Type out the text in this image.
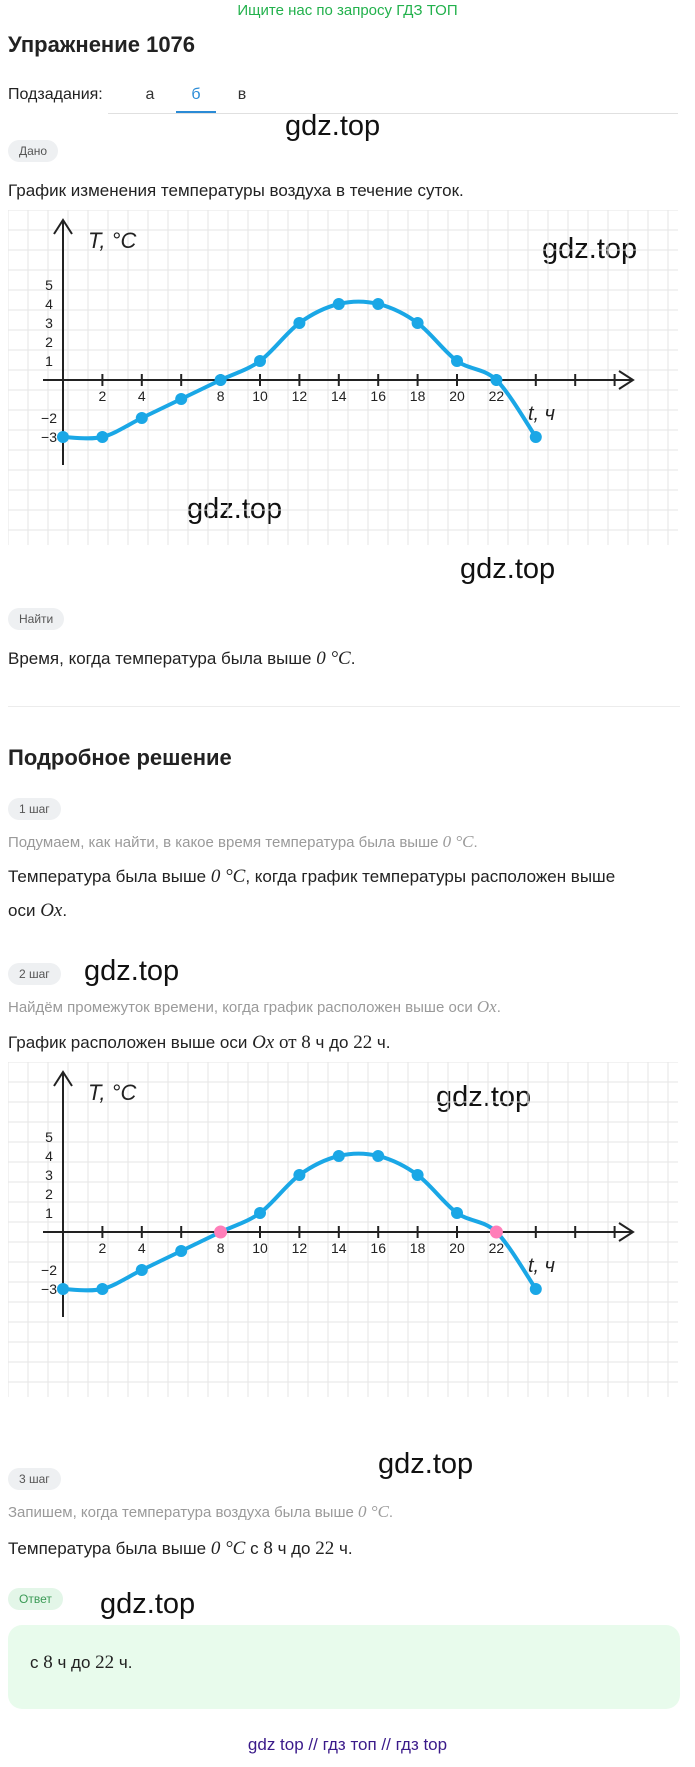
Ищите нас по запросу ГДЗ ТОП
Упражнение 1076
Подзадания:	а	б	в
gdz.top
gdz.top
gdz.top
gdz.top
gdz.top
gdz.top
gdz.top
gdz.top
Дано
График изменения температуры воздуха в течение суток.
2 4	8 10 12 14 16 18 20 22
5
4
3
2
1
−2
−3
T, °C
t, ч
Найти
Время, когда температура была выше 0 °C.
Подробное решение
1 шаг
Подумаем, как найти, в какое время температура была выше 0 °C.
Температура была выше 0 °C, когда график температуры расположен выше
оси Ox.
2 шаг
Найдём промежуток времени, когда график расположен выше оси Ox.
График расположен выше оси Ox от 8 ч до 22 ч.
2 4	8 10 12 14 16 18 20 22
5
4
3
2
1
−2
−3
T, °C
t, ч
3 шаг
Запишем, когда температура воздуха была выше 0 °C.
Температура была выше 0 °C с 8 ч до 22 ч.
Ответ
с 8 ч до 22 ч.
gdz top // гдз топ // гдз top
